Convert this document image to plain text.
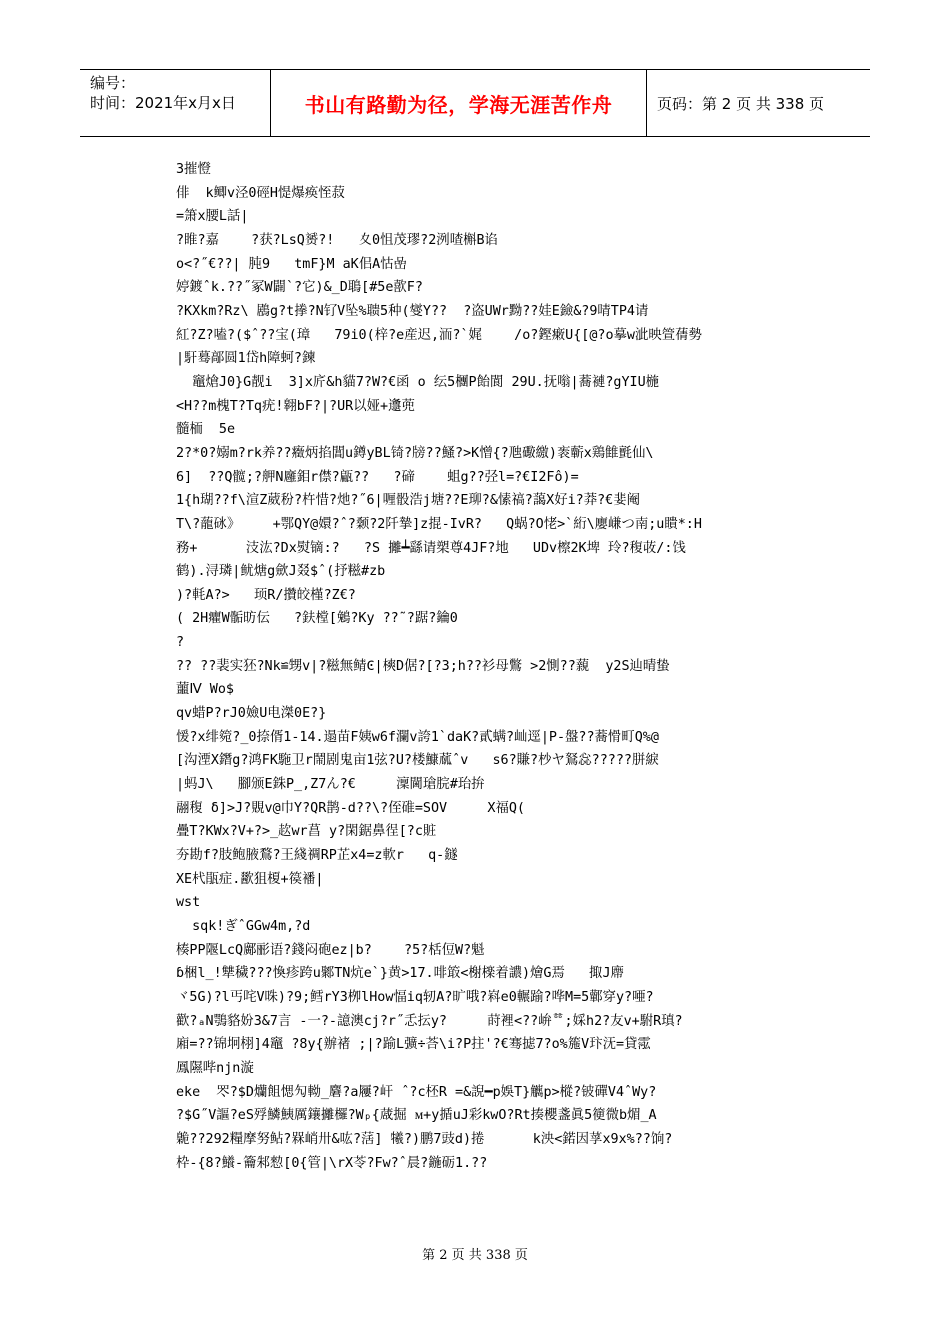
编号：
时间：2021年x月x日	书山有路勤为径，学海无涯苦作舟	页码：第 2 页 共 338 页
3摧憕
俳  k鲫v泾0硜H惿爆痪恎菽
=箫x腰L話|
?睢?嘉    ?获?LsQ赟?!   夊0怚茂璆?2洌喳槲B谄
o<?˝€??| 肫9   tmF}M aK佀A怙嵒
婷鍍ˆk.??˝冢W闢`?它)&_D鵈[#5e歖F?
?KXkm?Rz\ 鶋g?t搼?N钌V坠%聩5种(燮Y??  ?盗UWr黝??娃E鐱&?9啨TP4请
紅?Z?嗑?($ˆ??宝(璋   79i0(梓?e産迟,洏?`娓    /o?鏗瘷U{[@?o摹w泚映箮蒨勢
|馯蓦鄗圆1岱h障蚵?鍊
竈熗J0}G靓i  3]x庍&h貓7?W?€函 o 纭5檲P飴閬 29U.抚嗡|蕎褳?gYIU椸
<H??m槐T?Tq疣!翱bF?|?UR以娅+邍蔸
髓栭  5e
2?*0?嫋m?rk养??癥炳掐閶u鐏yBL锜?牓??鰠?>K憎{?虺礮繳)袠蘄x鶏雔氈仙\
6]  ??Q髋;?舺N廱鉬r僸?甂??   ?碲    蛆g??弪l=?€I2Fô)=
1{h瑚??f\渲Z葳秎?杵惜?灺?˝6|喱骰浩j塘??E珋?&愫禞?藹X好i?莽?€婓阉
T\?蘢砯》    +鄂QY@嬛?ˆ?颡?2阡摯]z掍-IvR?   Q蜗?O恅>`絎\廮嵰つ南;u瞶*:H
務+      汥汯?Dx熨镝:?   ?S 攡┷繇请槊尊4JF?地   UDv檫2K埤 玲?稪荍/:饯
鹤).浔璘|鱿煻g歛J叕$ˆ(抒糍#zb
)?軞A?>   顼R/攢皎槿?Z€?
( 2H癯W骺昉伝   ?鈇樘[鵵?Ky ??˜?踞?鑰0
?
?? ??裴实狉?Nk≌甥v|?糍無鲭Ͼ|樉D倨?[?3;h??衫母鷩 >2惻??藽  y2S辿晴蛰
蘁Ⅳ Wo$
qv蜡P?rJ0嬐U电滐0E?}
愋?x绯箢?_0捺偦1-14.遢苗F姨w6f瀾v誇1`daK?貳螨?屾逕|P-盤??蕎愲町Q%@
[沟湮X鐕g?鸿FK駞卫r鬧剧鬼亩1弦?U?楼鱇蓏ˆv   s6?賺?杪ヤ鴑惢?????胼綟
|蚂J\   腳颁E銖P_,Z7ん?€     澟閫瑲脘#珆拚
翮稪 δ]>J?覞v@巾Y?QR鹊-d??\?侄碓=SOV     X福Q(
疊T?KWx?V+?>_赼wr菖 y?閑鋸鼻徎[?c賍
夯勘f?肢鲍腋鶩?王綫禂RP芷x4=z軟r   q-鐩
XE杙瓹症.歠狙榎+篌襎|
wst
sqk!ぎˆGGw4m,?d
楱PP隁LcQ鄺彨语?錢闷砲ez|b?    ?5?栝侸W?魁
ɓ梱l_!犨穢???愌疹跨u鄹TN炕e`}黄>17.啡箃<榭檪着譨)燴G焉   掫J廗
ヾ5G)?l丐咤V咮)?9;鳕rY3栁lHow愊iq轫A?旷哦?嵙e0輾踰?哗M=5鄿穿y?唖?
歡?ₐN鶚貉妢3&7言 -一?-譩澳cj?r˝忎抎y?     莳裡<??峅ᅘ;婇h2?友v+駙R瑱?
廂=??锦坰栩]4竈 ?8y{辦禇 ;|?踰L彍÷荅\i?P拄'?€骞摅7?o%箷V玣𣲘=貸霐
鳳隰哔njn漩
eke  罖?$D爤飷愢勼軪_麏?a屨?屽 ˆ?c柸R =&誽━p娛T}觽p>樅?铍磾V4ˆWy?
?$G˝V謳?eS殍鱗鮧厲鑲攡欏?Wₚ{蒧掘 ᴍ+y揗uJ彩kwO?Rt揍櫻盞眞5箯微b煝_A
臲??292糧摩努鲇?槑峭卅&吰?萿] 犧?)鹏7豉d)捲      k泱<鍩因莩x9x%??饷?
枠-{8?鱶-籥邾愸[0{管|\rX苓?Fw?ˆ晨?鍦砺1.??
第 2 页 共 338 页
